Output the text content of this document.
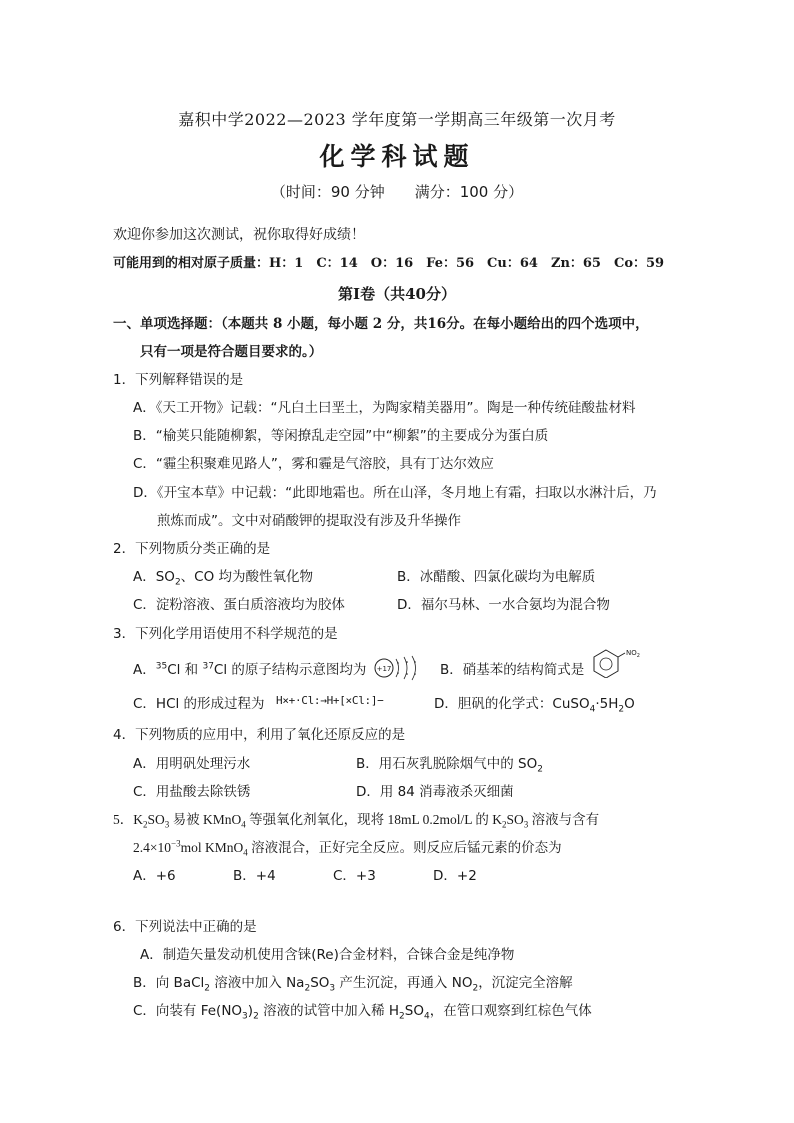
嘉积中学2022—2023 学年度第一学期高三年级第一次月考
化学科试题
（时间：90 分钟　　满分：100 分）
欢迎你参加这次测试，祝你取得好成绩！
可能用到的相对原子质量：H：1　C：14　O：16　Fe：56　Cu：64　Zn：65　Co：59
第Ⅰ卷（共40分）
一、单项选择题：（本题共 8 小题，每小题 2 分，共16分。在每小题给出的四个选项中，
只有一项是符合题目要求的。）
1．下列解释错误的是
A．《天工开物》记载：“凡白土曰垩土，为陶家精美器用”。陶是一种传统硅酸盐材料
B．“榆荚只能随柳絮，等闲撩乱走空园”中“柳絮”的主要成分为蛋白质
C．“霾尘积聚难见路人”，雾和霾是气溶胶，具有丁达尔效应
D．《开宝本草》中记载：“此即地霜也。所在山泽，冬月地上有霜，扫取以水淋汁后，乃
煎炼而成”。文中对硝酸钾的提取没有涉及升华操作
2．下列物质分类正确的是
A．$SO_2$、CO 均为酸性氧化物	B．冰醋酸、四氯化碳均为电解质
C．淀粉溶液、蛋白质溶液均为胶体	D．福尔马林、一水合氨均为混合物
3．下列化学用语使用不科学规范的是
A．$^{35}$Cl 和 $^{37}$Cl 的原子结构示意图均为 +17	B．硝基苯的结构简式是
$NO_2$
C．HCl 的形成过程为 H×+·Cl:→H+[×Cl:]−	D．胆矾的化学式：$CuSO_4\cdot 5H_2O$
4．下列物质的应用中，利用了氧化还原反应的是
A．用明矾处理污水	B．用石灰乳脱除烟气中的 $SO_2$
C．用盐酸去除铁锈	D．用 84 消毒液杀灭细菌
5．$K_2SO_3$ 易被 KMnO$_4$ 等强氧化剂氧化，现将 18mL 0.2mol/L 的 $K_2SO_3$ 溶液与含有
$2.4\times 10^{-3}mol$ KMnO$_4$ 溶液混合，正好完全反应。则反应后锰元素的价态为
A．+6	B．+4	C．+3	D．+2
6．下列说法中正确的是
A．制造矢量发动机使用含铼(Re)合金材料，合铼合金是纯净物
B．向 BaCl$_2$ 溶液中加入 $Na_2SO_3$ 产生沉淀，再通入 $NO_2$，沉淀完全溶解
C．向装有 $Fe(NO_3)_2$ 溶液的试管中加入稀 $H_2SO_4$，在管口观察到红棕色气体
